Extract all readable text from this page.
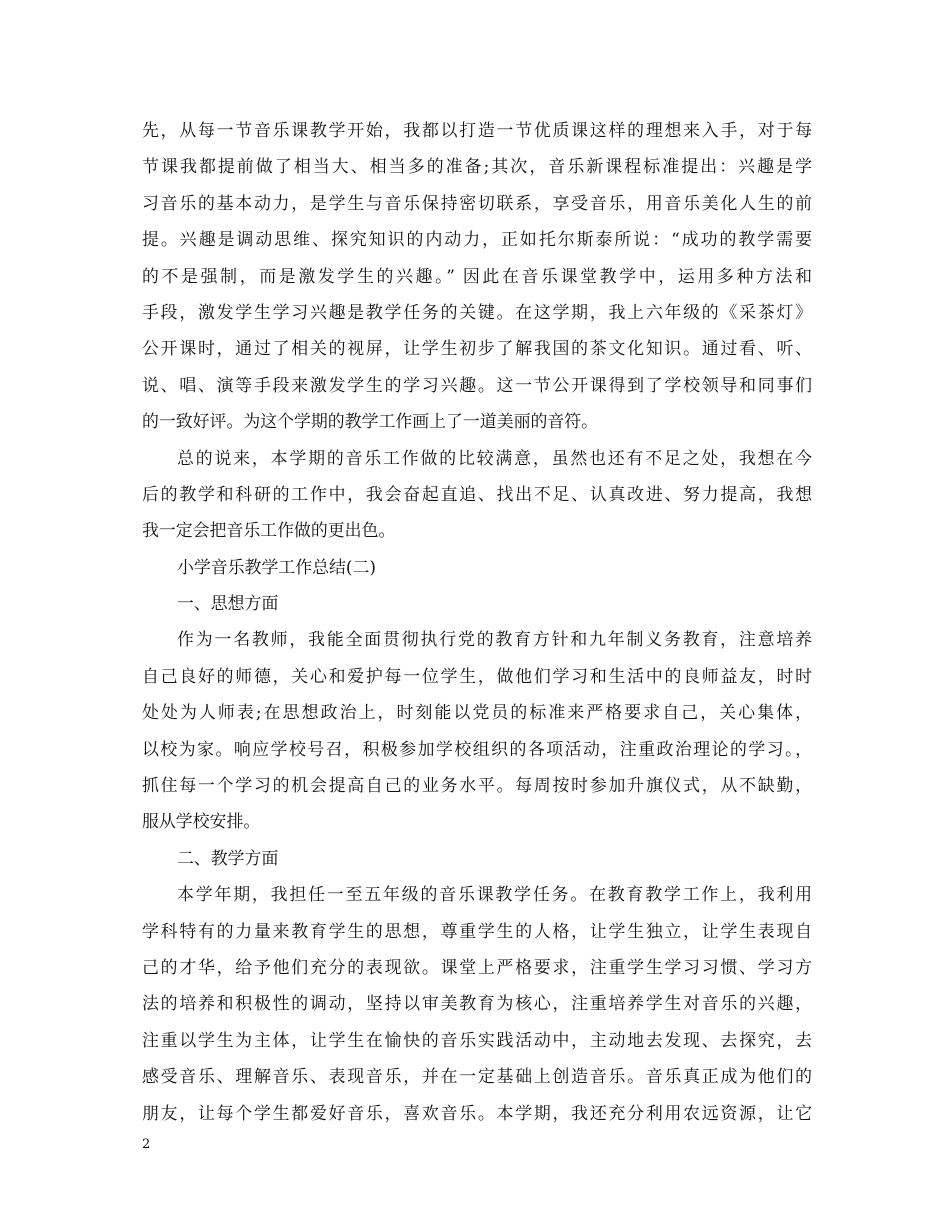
先，从每一节音乐课教学开始，我都以打造一节优质课这样的理想来入手，对于每
节课我都提前做了相当大、相当多的准备;其次，音乐新课程标准提出：兴趣是学
习音乐的基本动力，是学生与音乐保持密切联系，享受音乐，用音乐美化人生的前
提。兴趣是调动思维、探究知识的内动力，正如托尔斯泰所说：“成功的教学需要
的不是强制，而是激发学生的兴趣。” 因此在音乐课堂教学中，运用多种方法和
手段，激发学生学习兴趣是教学任务的关键。在这学期，我上六年级的《采茶灯》
公开课时，通过了相关的视屏，让学生初步了解我国的茶文化知识。通过看、听、
说、唱、演等手段来激发学生的学习兴趣。这一节公开课得到了学校领导和同事们
的一致好评。为这个学期的教学工作画上了一道美丽的音符。
总的说来，本学期的音乐工作做的比较满意，虽然也还有不足之处，我想在今
后的教学和科研的工作中，我会奋起直追、找出不足、认真改进、努力提高，我想
我一定会把音乐工作做的更出色。
小学音乐教学工作总结(二)
一、思想方面
作为一名教师，我能全面贯彻执行党的教育方针和九年制义务教育，注意培养
自己良好的师德，关心和爱护每一位学生，做他们学习和生活中的良师益友，时时
处处为人师表;在思想政治上，时刻能以党员的标准来严格要求自己，关心集体，
以校为家。响应学校号召，积极参加学校组织的各项活动，注重政治理论的学习。，
抓住每一个学习的机会提高自己的业务水平。每周按时参加升旗仪式，从不缺勤，
服从学校安排。
二、教学方面
本学年期，我担任一至五年级的音乐课教学任务。在教育教学工作上，我利用
学科特有的力量来教育学生的思想，尊重学生的人格，让学生独立，让学生表现自
己的才华，给予他们充分的表现欲。课堂上严格要求，注重学生学习习惯、学习方
法的培养和积极性的调动，坚持以审美教育为核心，注重培养学生对音乐的兴趣，
注重以学生为主体，让学生在愉快的音乐实践活动中，主动地去发现、去探究，去
感受音乐、理解音乐、表现音乐，并在一定基础上创造音乐。音乐真正成为他们的
朋友，让每个学生都爱好音乐，喜欢音乐。本学期，我还充分利用农远资源，让它
2
